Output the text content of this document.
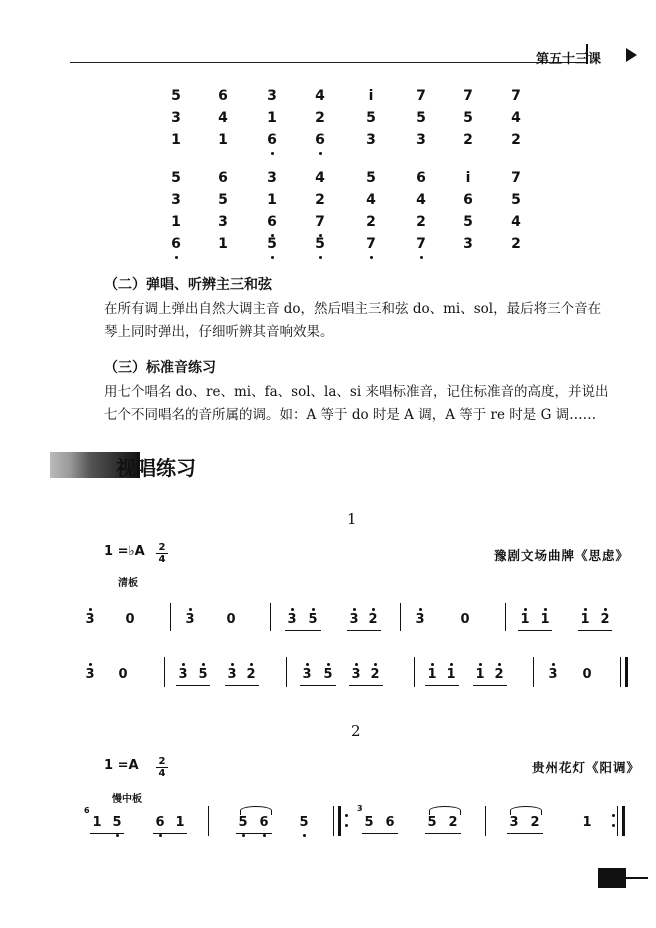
第五十三课
5	6	3	4	i	7	7	7
3	4	1	2	5	5	5	4
1	1	6	6	3	3	2	2
5	6	3	4	5	6	i	7
3	5	1	2	4	4	6	5
1	3	6	7	2	2	5	4
6	1	5	5	7	7	3	2
（二）弹唱、听辨主三和弦
在所有调上弹出自然大调主音 do，然后唱主三和弦 do、mi、sol，最后将三个音在
琴上同时弹出，仔细听辨其音响效果。
（三）标准音练习
用七个唱名 do、re、mi、fa、sol、la、si 来唱标准音，记住标准音的高度，并说出
七个不同唱名的音所属的调。如：A 等于 do 时是 A 调，A 等于 re 时是 G 调……
视唱练习
1
1 =♭A $\frac{2}{4}$	豫剧文场曲牌《思虑》
清板
3 0	3 0	3 5 3 2	3	0	1 1 1 2
3 0	3 5 3 2	3 5 3 2	1 1 1 2	3 0
2
$1 =A \frac{2}{4}$	贵州花灯《阳调》
慢中板
6
1 5	6 1	5 6 5
3
5 6	5 2	3 2	1
